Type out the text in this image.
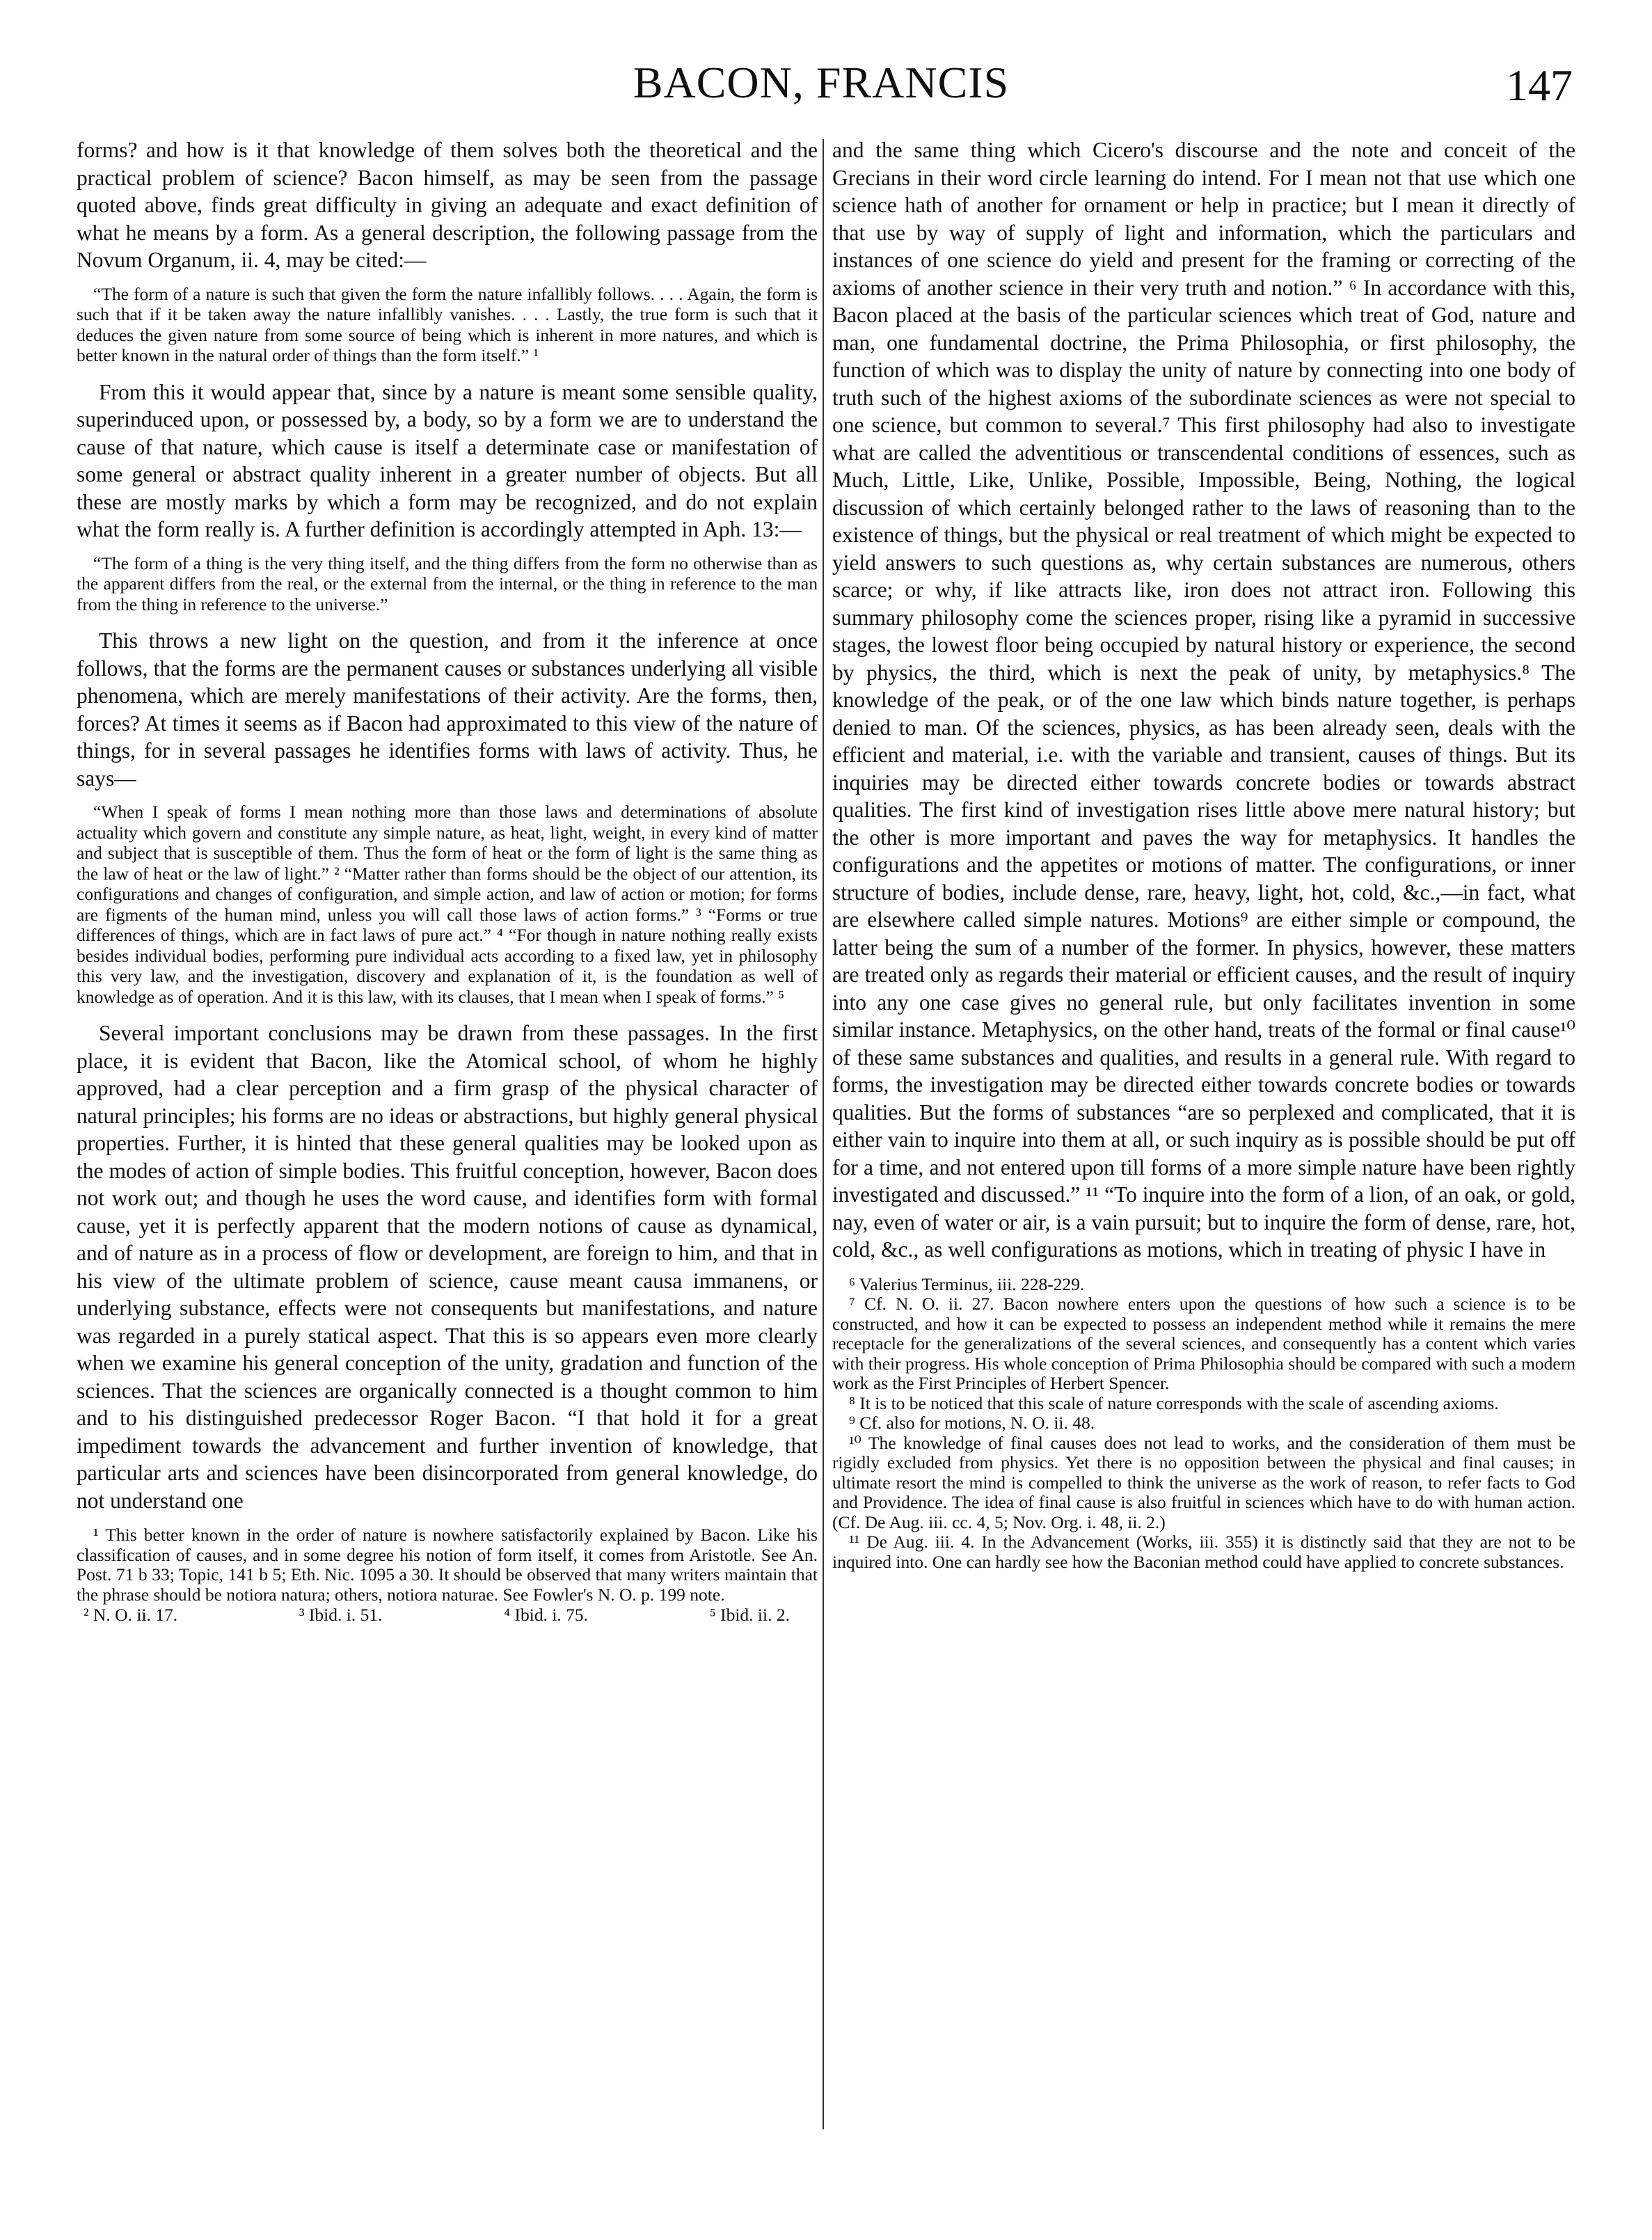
BACON, FRANCIS	147

forms? and how is it that knowledge of them solves both the theoretical and the practical problem of science? Bacon himself, as may be seen from the passage quoted above, finds great difficulty in giving an adequate and exact definition of what he means by a form. As a general description, the following passage from the Novum Organum, ii. 4, may be cited:—

“The form of a nature is such that given the form the nature infallibly follows. . . . Again, the form is such that if it be taken away the nature infallibly vanishes. . . . Lastly, the true form is such that it deduces the given nature from some source of being which is inherent in more natures, and which is better known in the natural order of things than the form itself.” ¹

From this it would appear that, since by a nature is meant some sensible quality, superinduced upon, or possessed by, a body, so by a form we are to understand the cause of that nature, which cause is itself a determinate case or manifestation of some general or abstract quality inherent in a greater number of objects. But all these are mostly marks by which a form may be recognized, and do not explain what the form really is. A further definition is accordingly attempted in Aph. 13:—

“The form of a thing is the very thing itself, and the thing differs from the form no otherwise than as the apparent differs from the real, or the external from the internal, or the thing in reference to the man from the thing in reference to the universe.”

This throws a new light on the question, and from it the inference at once follows, that the forms are the permanent causes or substances underlying all visible phenomena, which are merely manifestations of their activity. Are the forms, then, forces? At times it seems as if Bacon had approximated to this view of the nature of things, for in several passages he identifies forms with laws of activity. Thus, he says—

“When I speak of forms I mean nothing more than those laws and determinations of absolute actuality which govern and constitute any simple nature, as heat, light, weight, in every kind of matter and subject that is susceptible of them. Thus the form of heat or the form of light is the same thing as the law of heat or the law of light.” ² “Matter rather than forms should be the object of our attention, its configurations and changes of configuration, and simple action, and law of action or motion; for forms are figments of the human mind, unless you will call those laws of action forms.” ³ “Forms or true differences of things, which are in fact laws of pure act.” ⁴ “For though in nature nothing really exists besides individual bodies, performing pure individual acts according to a fixed law, yet in philosophy this very law, and the investigation, discovery and explanation of it, is the foundation as well of knowledge as of operation. And it is this law, with its clauses, that I mean when I speak of forms.” ⁵

Several important conclusions may be drawn from these passages. In the first place, it is evident that Bacon, like the Atomical school, of whom he highly approved, had a clear perception and a firm grasp of the physical character of natural principles; his forms are no ideas or abstractions, but highly general physical properties. Further, it is hinted that these general qualities may be looked upon as the modes of action of simple bodies. This fruitful conception, however, Bacon does not work out; and though he uses the word cause, and identifies form with formal cause, yet it is perfectly apparent that the modern notions of cause as dynamical, and of nature as in a process of flow or development, are foreign to him, and that in his view of the ultimate problem of science, cause meant causa immanens, or underlying substance, effects were not consequents but manifestations, and nature was regarded in a purely statical aspect. That this is so appears even more clearly when we examine his general conception of the unity, gradation and function of the sciences. That the sciences are organically connected is a thought common to him and to his distinguished predecessor Roger Bacon. “I that hold it for a great impediment towards the advancement and further invention of knowledge, that particular arts and sciences have been disincorporated from general knowledge, do not understand one

¹ This better known in the order of nature is nowhere satisfactorily explained by Bacon. Like his classification of causes, and in some degree his notion of form itself, it comes from Aristotle. See An. Post. 71 b 33; Topic, 141 b 5; Eth. Nic. 1095 a 30. It should be observed that many writers maintain that the phrase should be notiora natura; others, notiora naturae. See Fowler's N. O. p. 199 note.

² N. O. ii. 17.	³ Ibid. i. 51.	⁴ Ibid. i. 75.	⁵ Ibid. ii. 2.

and the same thing which Cicero's discourse and the note and conceit of the Grecians in their word circle learning do intend. For I mean not that use which one science hath of another for ornament or help in practice; but I mean it directly of that use by way of supply of light and information, which the particulars and instances of one science do yield and present for the framing or correcting of the axioms of another science in their very truth and notion.” ⁶ In accordance with this, Bacon placed at the basis of the particular sciences which treat of God, nature and man, one fundamental doctrine, the Prima Philosophia, or first philosophy, the function of which was to display the unity of nature by connecting into one body of truth such of the highest axioms of the subordinate sciences as were not special to one science, but common to several.⁷ This first philosophy had also to investigate what are called the adventitious or transcendental conditions of essences, such as Much, Little, Like, Unlike, Possible, Impossible, Being, Nothing, the logical discussion of which certainly belonged rather to the laws of reasoning than to the existence of things, but the physical or real treatment of which might be expected to yield answers to such questions as, why certain substances are numerous, others scarce; or why, if like attracts like, iron does not attract iron. Following this summary philosophy come the sciences proper, rising like a pyramid in successive stages, the lowest floor being occupied by natural history or experience, the second by physics, the third, which is next the peak of unity, by metaphysics.⁸ The knowledge of the peak, or of the one law which binds nature together, is perhaps denied to man. Of the sciences, physics, as has been already seen, deals with the efficient and material, i.e. with the variable and transient, causes of things. But its inquiries may be directed either towards concrete bodies or towards abstract qualities. The first kind of investigation rises little above mere natural history; but the other is more important and paves the way for metaphysics. It handles the configurations and the appetites or motions of matter. The configurations, or inner structure of bodies, include dense, rare, heavy, light, hot, cold, &c.,—in fact, what are elsewhere called simple natures. Motions⁹ are either simple or compound, the latter being the sum of a number of the former. In physics, however, these matters are treated only as regards their material or efficient causes, and the result of inquiry into any one case gives no general rule, but only facilitates invention in some similar instance. Metaphysics, on the other hand, treats of the formal or final cause¹⁰ of these same substances and qualities, and results in a general rule. With regard to forms, the investigation may be directed either towards concrete bodies or towards qualities. But the forms of substances “are so perplexed and complicated, that it is either vain to inquire into them at all, or such inquiry as is possible should be put off for a time, and not entered upon till forms of a more simple nature have been rightly investigated and discussed.” ¹¹ “To inquire into the form of a lion, of an oak, or gold, nay, even of water or air, is a vain pursuit; but to inquire the form of dense, rare, hot, cold, &c., as well configurations as motions, which in treating of physic I have in

⁶ Valerius Terminus, iii. 228-229.

⁷ Cf. N. O. ii. 27. Bacon nowhere enters upon the questions of how such a science is to be constructed, and how it can be expected to possess an independent method while it remains the mere receptacle for the generalizations of the several sciences, and consequently has a content which varies with their progress. His whole conception of Prima Philosophia should be compared with such a modern work as the First Principles of Herbert Spencer.

⁸ It is to be noticed that this scale of nature corresponds with the scale of ascending axioms.

⁹ Cf. also for motions, N. O. ii. 48.

¹⁰ The knowledge of final causes does not lead to works, and the consideration of them must be rigidly excluded from physics. Yet there is no opposition between the physical and final causes; in ultimate resort the mind is compelled to think the universe as the work of reason, to refer facts to God and Providence. The idea of final cause is also fruitful in sciences which have to do with human action. (Cf. De Aug. iii. cc. 4, 5; Nov. Org. i. 48, ii. 2.)

¹¹ De Aug. iii. 4. In the Advancement (Works, iii. 355) it is distinctly said that they are not to be inquired into. One can hardly see how the Baconian method could have applied to concrete substances.
